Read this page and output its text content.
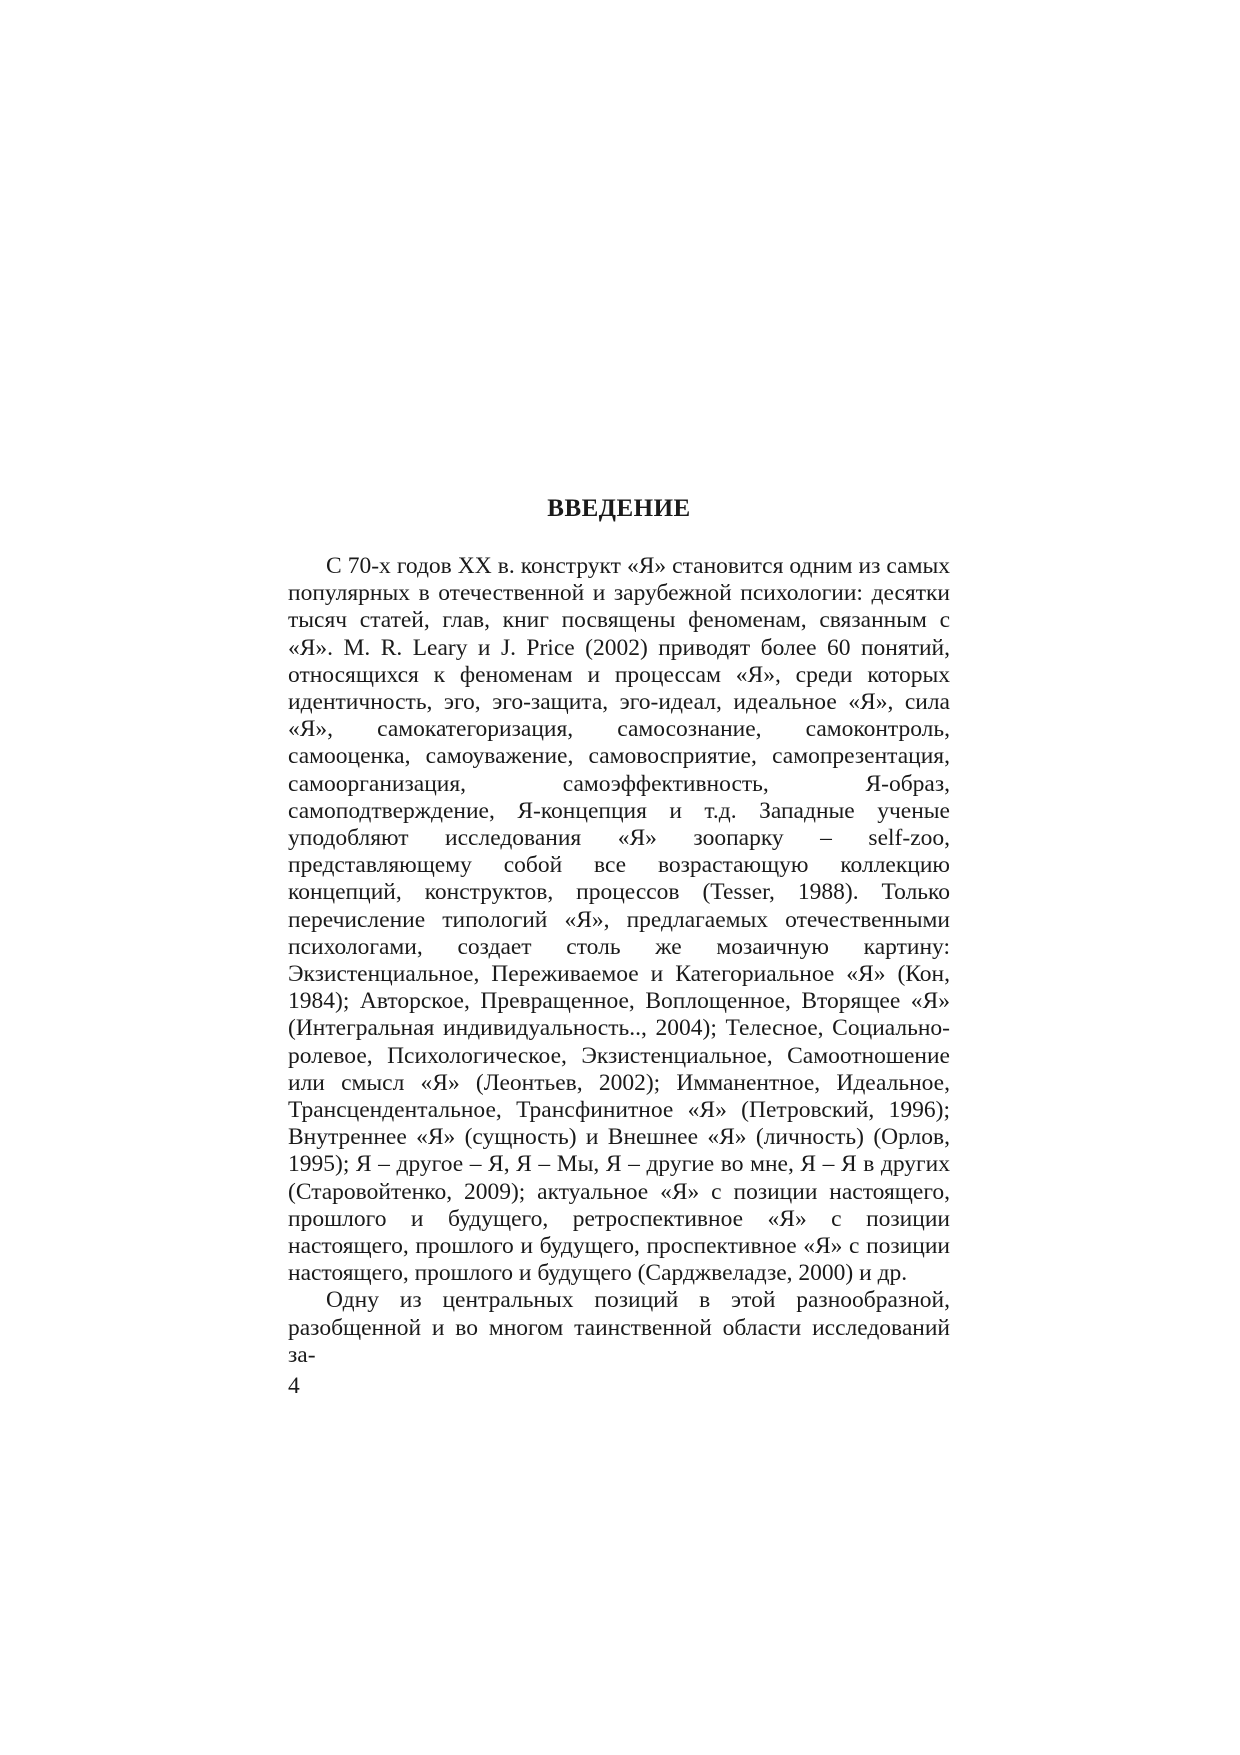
ВВЕДЕНИЕ

С 70-х годов XX в. конструкт «Я» становится одним из самых популярных в отечественной и зарубежной психологии: десятки тысяч статей, глав, книг посвящены феноменам, связанным с «Я». M. R. Leary и J. Price (2002) приводят более 60 понятий, относящихся к феноменам и процессам «Я», среди которых идентичность, эго, эго-защита, эго-идеал, идеальное «Я», сила «Я», самокатегоризация, самосознание, самоконтроль, самооценка, самоуважение, самовосприятие, самопрезентация, самоорганизация, самоэффективность, Я-образ, самоподтверждение, Я-концепция и т.д. Западные ученые уподобляют исследования «Я» зоопарку – self-zoo, представляющему собой все возрастающую коллекцию концепций, конструктов, процессов (Tesser, 1988). Только перечисление типологий «Я», предлагаемых отечественными психологами, создает столь же мозаичную картину: Экзистенциальное, Переживаемое и Категориальное «Я» (Кон, 1984); Авторское, Превращенное, Воплощенное, Вторящее «Я» (Интегральная индивидуальность.., 2004); Телесное, Социально-ролевое, Психологическое, Экзистенциальное, Самоотношение или смысл «Я» (Леонтьев, 2002); Имманентное, Идеальное, Трансцендентальное, Трансфинитное «Я» (Петровский, 1996); Внутреннее «Я» (сущность) и Внешнее «Я» (личность) (Орлов, 1995); Я – другое – Я, Я – Мы, Я – другие во мне, Я – Я в других (Старовойтенко, 2009); актуальное «Я» с позиции настоящего, прошлого и будущего, ретроспективное «Я» с позиции настоящего, прошлого и будущего, проспективное «Я» с позиции настоящего, прошлого и будущего (Сарджвеладзе, 2000) и др.

Одну из центральных позиций в этой разнообразной, разобщенной и во многом таинственной области исследований за-

4
